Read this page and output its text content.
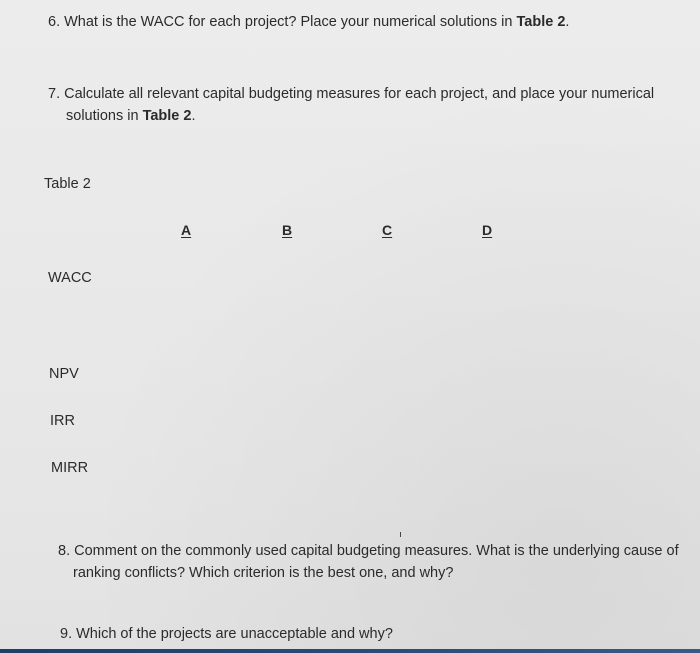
6. What is the WACC for each project? Place your numerical solutions in Table 2.
7. Calculate all relevant capital budgeting measures for each project, and place your numerical
solutions in Table 2.
Table 2
A	B	C	D
WACC
NPV
IRR
MIRR
8. Comment on the commonly used capital budgeting measures. What is the underlying cause of
ranking conflicts? Which criterion is the best one, and why?
9. Which of the projects are unacceptable and why?
